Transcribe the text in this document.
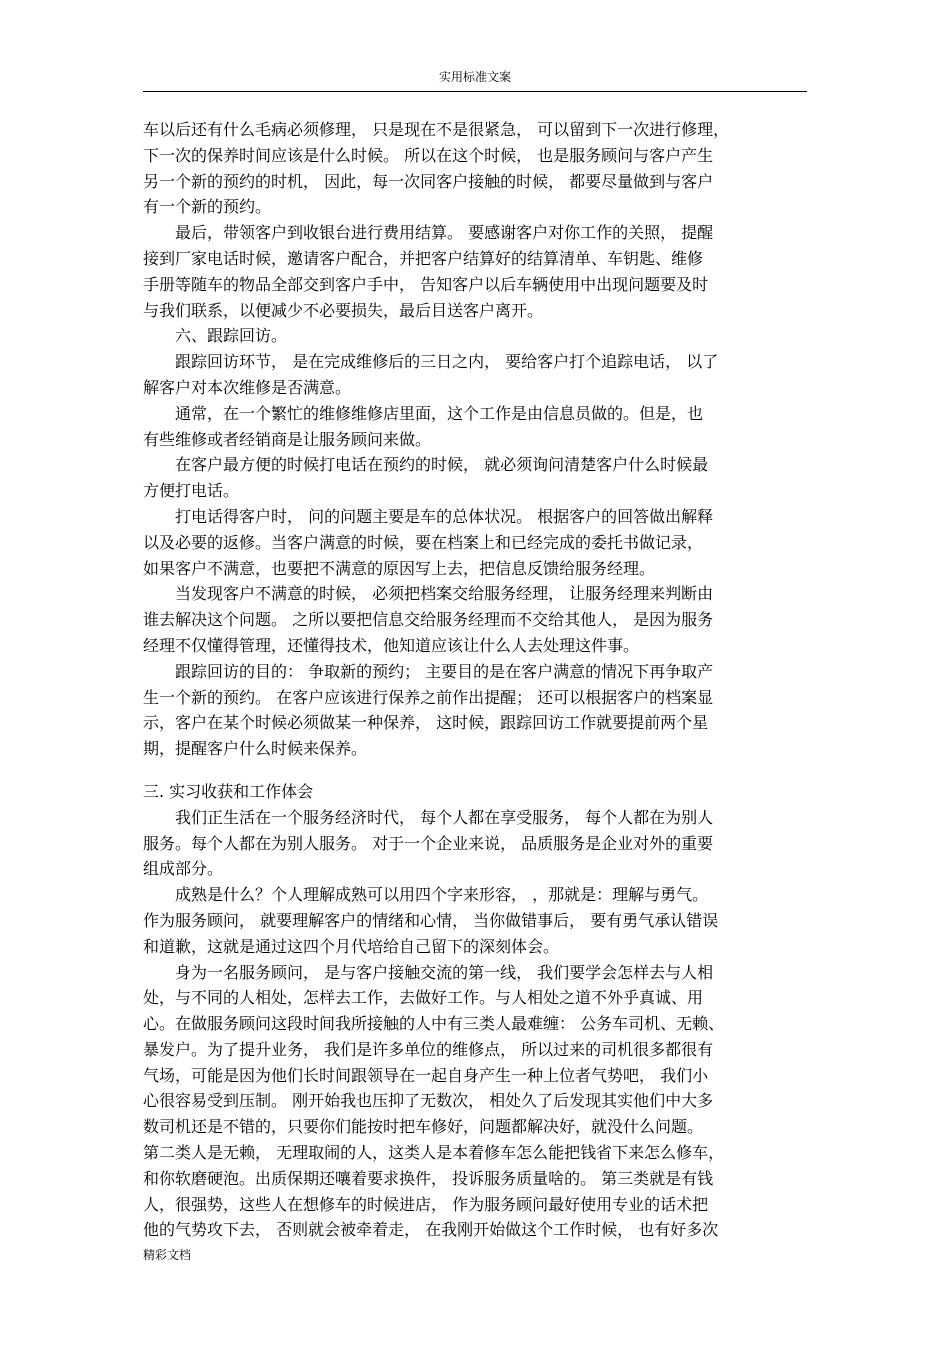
实用标准文案
车以后还有什么毛病必须修理， 只是现在不是很紧急， 可以留到下一次进行修理，
下一次的保养时间应该是什么时候。 所以在这个时候， 也是服务顾问与客户产生
另一个新的预约的时机， 因此，每一次同客户接触的时候， 都要尽量做到与客户
有一个新的预约。
　　最后，带领客户到收银台进行费用结算。 要感谢客户对你工作的关照， 提醒
接到厂家电话时候，邀请客户配合，并把客户结算好的结算清单、车钥匙、维修
手册等随车的物品全部交到客户手中， 告知客户以后车辆使用中出现问题要及时
与我们联系，以便减少不必要损失，最后目送客户离开。
　　六、跟踪回访。
　　跟踪回访环节， 是在完成维修后的三日之内， 要给客户打个追踪电话， 以了
解客户对本次维修是否满意。
　　通常，在一个繁忙的维修维修店里面，这个工作是由信息员做的。但是，也
有些维修或者经销商是让服务顾问来做。
　　在客户最方便的时候打电话在预约的时候， 就必须询问清楚客户什么时候最
方便打电话。
　　打电话得客户时， 问的问题主要是车的总体状况。 根据客户的回答做出解释
以及必要的返修。当客户满意的时候，要在档案上和已经完成的委托书做记录，
如果客户不满意，也要把不满意的原因写上去，把信息反馈给服务经理。
　　当发现客户不满意的时候， 必须把档案交给服务经理， 让服务经理来判断由
谁去解决这个问题。 之所以要把信息交给服务经理而不交给其他人， 是因为服务
经理不仅懂得管理，还懂得技术，他知道应该让什么人去处理这件事。
　　跟踪回访的目的： 争取新的预约； 主要目的是在客户满意的情况下再争取产
生一个新的预约。 在客户应该进行保养之前作出提醒； 还可以根据客户的档案显
示，客户在某个时候必须做某一种保养， 这时候，跟踪回访工作就要提前两个星
期，提醒客户什么时候来保养。
三. 实习收获和工作体会
　　我们正生活在一个服务经济时代， 每个人都在享受服务， 每个人都在为别人
服务。每个人都在为别人服务。 对于一个企业来说， 品质服务是企业对外的重要
组成部分。
　　成熟是什么？个人理解成熟可以用四个字来形容， ，那就是：理解与勇气。
作为服务顾问， 就要理解客户的情绪和心情， 当你做错事后， 要有勇气承认错误
和道歉，这就是通过这四个月代培给自己留下的深刻体会。
　　身为一名服务顾问， 是与客户接触交流的第一线， 我们要学会怎样去与人相
处，与不同的人相处，怎样去工作，去做好工作。与人相处之道不外乎真诚、用
心。在做服务顾问这段时间我所接触的人中有三类人最难缠： 公务车司机、无赖、
暴发户。为了提升业务， 我们是许多单位的维修点， 所以过来的司机很多都很有
气场，可能是因为他们长时间跟领导在一起自身产生一种上位者气势吧， 我们小
心很容易受到压制。 刚开始我也压抑了无数次， 相处久了后发现其实他们中大多
数司机还是不错的，只要你们能按时把车修好，问题都解决好，就没什么问题。
第二类人是无赖， 无理取闹的人，这类人是本着修车怎么能把钱省下来怎么修车，
和你软磨硬泡。出质保期还嚷着要求换件， 投诉服务质量啥的。 第三类就是有钱
人，很强势，这些人在想修车的时候进店， 作为服务顾问最好使用专业的话术把
他的气势攻下去， 否则就会被牵着走， 在我刚开始做这个工作时候， 也有好多次
精彩文档
